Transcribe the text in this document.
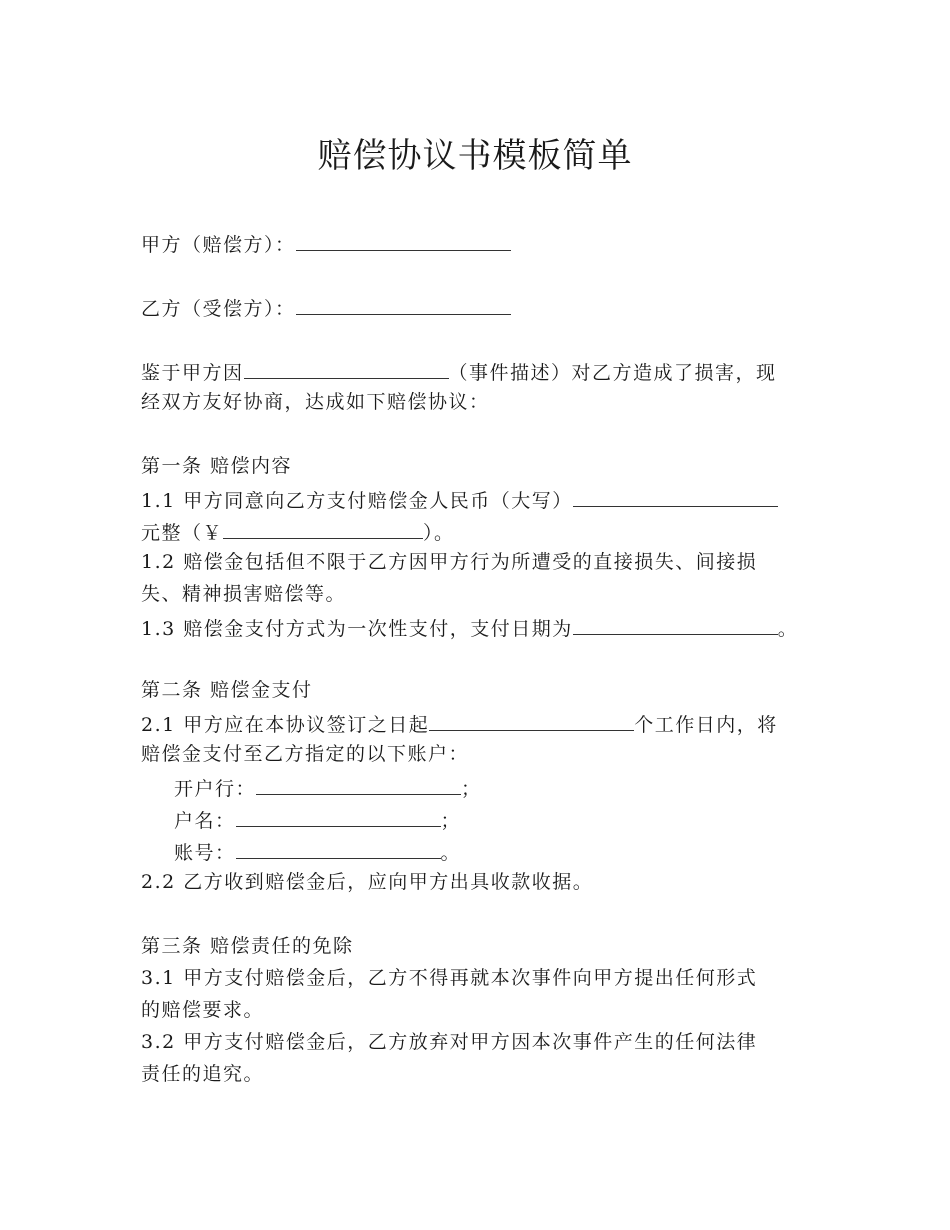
赔偿协议书模板简单
甲方（赔偿方）：
乙方（受偿方）：
鉴于甲方因	（事件描述）对乙方造成了损害，现
经双方友好协商，达成如下赔偿协议：
第一条 赔偿内容
1.1 甲方同意向乙方支付赔偿金人民币（大写）
元整（￥	）。
1.2 赔偿金包括但不限于乙方因甲方行为所遭受的直接损失、间接损
失、精神损害赔偿等。
1.3 赔偿金支付方式为一次性支付，支付日期为	。
第二条 赔偿金支付
2.1 甲方应在本协议签订之日起	个工作日内，将
赔偿金支付至乙方指定的以下账户：
开户行：	；
户名：	；
账号：	。
2.2 乙方收到赔偿金后，应向甲方出具收款收据。
第三条 赔偿责任的免除
3.1 甲方支付赔偿金后，乙方不得再就本次事件向甲方提出任何形式
的赔偿要求。
3.2 甲方支付赔偿金后，乙方放弃对甲方因本次事件产生的任何法律
责任的追究。
